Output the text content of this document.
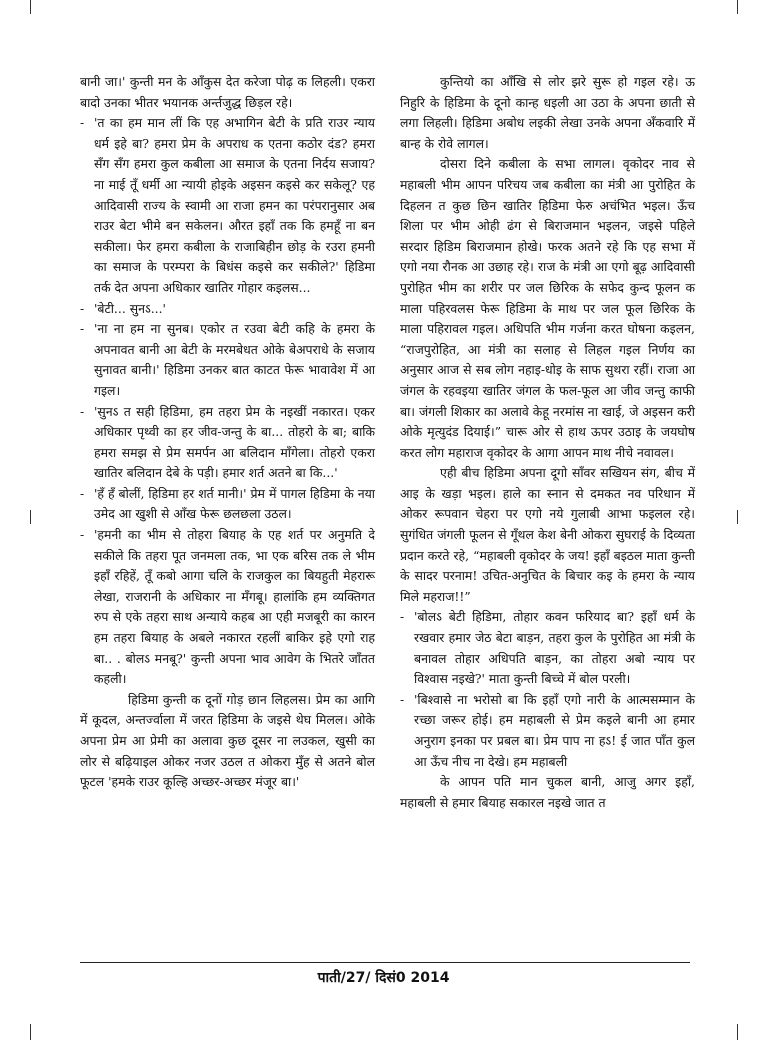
बानी जा।' कुन्ती मन के आँकुस देत करेजा पोढ़ क लिहली। एकरा बादो उनका भीतर भयानक अर्न्तजुद्ध छिड़ल रहे।

- 'त का हम मान लीं कि एह अभागिन बेटी के प्रति राउर न्याय धर्म इहे बा? हमरा प्रेम के अपराध क एतना कठोर दंड? हमरा सँग सँग हमरा कुल कबीला आ समाज के एतना निर्दय सजाय? ना माई तूँ धर्मी आ न्यायी होइके अइसन कइसे कर सकेलू? एह आदिवासी राज्य के स्वामी आ राजा हमन का परंपरानुसार अब राउर बेटा भीमे बन सकेलन। औरत इहाँ तक कि हमहूँ ना बन सकीला। फेर हमरा कबीला के राजाबिहीन छोड़ के रउरा हमनी का समाज के परम्परा के बिधंस कइसे कर सकीले?' हिडिमा तर्क देत अपना अधिकार खातिर गोहार कइलस...
- 'बेटी... सुनऽ...'
- 'ना ना हम ना सुनब। एकोर त रउवा बेटी कहि के हमरा के अपनावत बानी आ बेटी के मरमबेधत ओके बेअपराधे के सजाय सुनावत बानी।' हिडिमा उनकर बात काटत फेरू भावावेश में आ गइल।
- 'सुनऽ त सही हिडिमा, हम तहरा प्रेम के नइखीं नकारत। एकर अधिकार पृथ्वी का हर जीव-जन्तु के बा... तोहरो के बा; बाकि हमरा समझ से प्रेम समर्पन आ बलिदान माँगेला। तोहरो एकरा खातिर बलिदान देबे के पड़ी। हमार शर्त अतने बा कि...'
- 'हँ हँ बोलीं, हिडिमा हर शर्त मानी।' प्रेम में पागल हिडिमा के नया उमेद आ खुशी से आँख फेरू छलछला उठल।
- 'हमनी का भीम से तोहरा बियाह के एह शर्त पर अनुमति दे सकीले कि तहरा पूत जनमला तक, भा एक बरिस तक ले भीम इहाँ रहिहें, तूँ कबो आगा चलि के राजकुल का बियहुती मेहरारू लेखा, राजरानी के अधिकार ना मँगबू। हालांकि हम व्यक्तिगत रुप से एके तहरा साथ अन्याये कहब आ एही मजबूरी का कारन हम तहरा बियाह के अबले नकारत रहलीं बाकिर इहे एगो राह बा.. . बोलऽ मनबू?' कुन्ती अपना भाव आवेग के भितरे जाँतत कहली।

हिडिमा कुन्ती क दूनों गोड़ छान लिहलस। प्रेम का आगि में कूदल, अन्तर्ज्वाला में जरत हिडिमा के जइसे थेघ मिलल। ओके अपना प्रेम आ प्रेमी का अलावा कुछ दूसर ना लउकल, खुसी का लोर से बढ़ियाइल ओकर नजर उठल त ओकरा मुँह से अतने बोल फूटल 'हमके राउर कूल्हि अच्छर-अच्छर मंजूर बा।'

कुन्तियो का आँखि से लोर झरे सुरू हो गइल रहे। ऊ निहुरि के हिडिमा के दूनो कान्ह धइली आ उठा के अपना छाती से लगा लिहली। हिडिमा अबोध लइकी लेखा उनके अपना अँकवारि में बान्ह के रोवे लागल।

दोसरा दिने कबीला के सभा लागल। वृकोदर नाव से महाबली भीम आपन परिचय जब कबीला का मंत्री आ पुरोहित के दिहलन त कुछ छिन खातिर हिडिमा फेरु अचंभित भइल। ऊँच शिला पर भीम ओही ढंग से बिराजमान भइलन, जइसे पहिले सरदार हिडिम बिराजमान होखे। फरक अतने रहे कि एह सभा में एगो नया रौनक आ उछाह रहे। राज के मंत्री आ एगो बूढ़ आदिवासी पुरोहित भीम का शरीर पर जल छिरिक के सफेद कुन्द फूलन क माला पहिरवलस फेरू हिडिमा के माथ पर जल फूल छिरिक के माला पहिरावल गइल। अधिपति भीम गर्जना करत घोषना कइलन, “राजपुरोहित, आ मंत्री का सलाह से लिहल गइल निर्णय का अनुसार आज से सब लोग नहाइ-धोइ के साफ सुथरा रहीं। राजा आ जंगल के रहवइया खातिर जंगल के फल-फूल आ जीव जन्तु काफी बा। जंगली शिकार का अलावे केहू नरमांस ना खाई, जे अइसन करी ओके मृत्युदंड दियाई।” चारू ओर से हाथ ऊपर उठाइ के जयघोष करत लोग महाराज वृकोदर के आगा आपन माथ नीचे नवावल।

एही बीच हिडिमा अपना दूगो साँवर सखियन संग, बीच में आइ के खड़ा भइल। हाले का स्नान से दमकत नव परिधान में ओकर रूपवान चेहरा पर एगो नये गुलाबी आभा फइलल रहे। सुगंधित जंगली फूलन से गूँथल केश बेनी ओकरा सुघराई के दिव्यता प्रदान करते रहे, “महाबली वृकोदर के जय! इहाँ बइठल माता कुन्ती के सादर परनाम! उचित-अनुचित के बिचार कइ के हमरा के न्याय मिले महराज!!”

- 'बोलऽ बेटी हिडिमा, तोहार कवन फरियाद बा? इहाँ धर्म के रखवार हमार जेठ बेटा बाड़न, तहरा कुल के पुरोहित आ मंत्री के बनावल तोहार अधिपति बाड़न, का तोहरा अबो न्याय पर विश्वास नइखे?' माता कुन्ती बिच्चे में बोल परली।
- 'बिश्वासे ना भरोसो बा कि इहाँ एगो नारी के आत्मसम्मान के रच्छा जरूर होई। हम महाबली से प्रेम कइले बानी आ हमार अनुराग इनका पर प्रबल बा। प्रेम पाप ना हऽ! ई जात पाँत कुल आ ऊँच नीच ना देखे। हम महाबली

के आपन पति मान चुकल बानी, आजु अगर इहाँ, महाबली से हमार बियाह सकारल नइखे जात त

पाती/27/ दिसं0 2014
